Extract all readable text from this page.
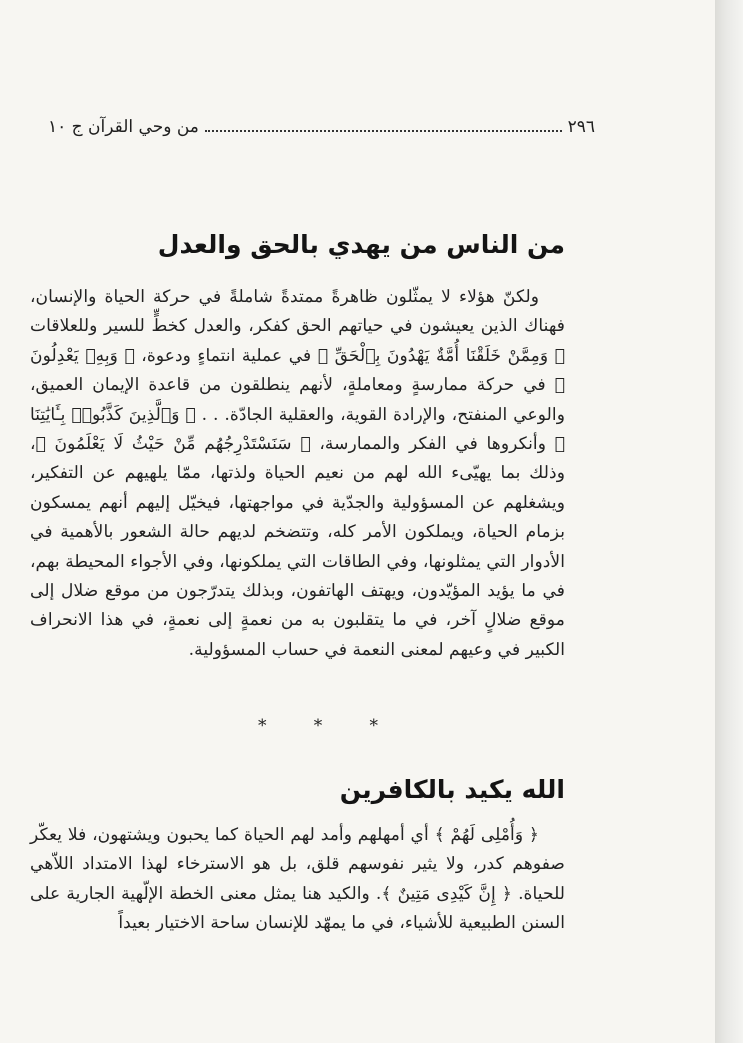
٢٩٦
من وحي القرآن ج ١٠
من الناس من يهدي بالحق والعدل

ولكنّ هؤلاء لا يمثّلون ظاهرةً ممتدةً شاملةً في حركة الحياة والإنسان، فهناك الذين يعيشون في حياتهم الحق كفكر، والعدل كخطٍّ للسير وللعلاقات ﴿ وَمِمَّنْ خَلَقْنَا أُمَّةٌ يَهْدُونَ بِٱلْحَقِّ ﴾ في عملية انتماءٍ ودعوة، ﴿ وَبِهِۦ يَعْدِلُونَ ﴾ في حركة ممارسةٍ ومعاملةٍ، لأنهم ينطلقون من قاعدة الإيمان العميق، والوعي المنفتح، والإرادة القوية، والعقلية الجادّة. . . ﴿ وَٱلَّذِينَ كَذَّبُوا۟ بِـَٔايَٰتِنَا ﴾ وأنكروها في الفكر والممارسة، ﴿ سَنَسْتَدْرِجُهُم مِّنْ حَيْثُ لَا يَعْلَمُونَ ﴾، وذلك بما يهيّىء الله لهم من نعيم الحياة ولذتها، ممّا يلهيهم عن التفكير، ويشغلهم عن المسؤولية والجدّية في مواجهتها، فيخيّل إليهم أنهم يمسكون بزمام الحياة، ويملكون الأمر كله، وتتضخم لديهم حالة الشعور بالأهمية في الأدوار التي يمثلونها، وفي الطاقات التي يملكونها، وفي الأجواء المحيطة بهم، في ما يؤيد المؤيّدون، ويهتف الهاتفون، وبذلك يتدرّجون من موقع ضلال إلى موقع ضلالٍ آخر، في ما يتقلبون به من نعمةٍ إلى نعمةٍ، في هذا الانحراف الكبير في وعيهم لمعنى النعمة في حساب المسؤولية.

*	*	*
الله يكيد بالكافرين

﴿ وَأُمْلِى لَهُمْ ﴾ أي أمهلهم وأمد لهم الحياة كما يحبون ويشتهون، فلا يعكّر صفوهم كدر، ولا يثير نفوسهم قلق، بل هو الاسترخاء لهذا الامتداد اللاّهي للحياة. ﴿ إِنَّ كَيْدِى مَتِينٌ ﴾. والكيد هنا يمثل معنى الخطة الإلّهية الجارية على السنن الطبيعية للأشياء، في ما يمهّد للإنسان ساحة الاختيار بعيداً
